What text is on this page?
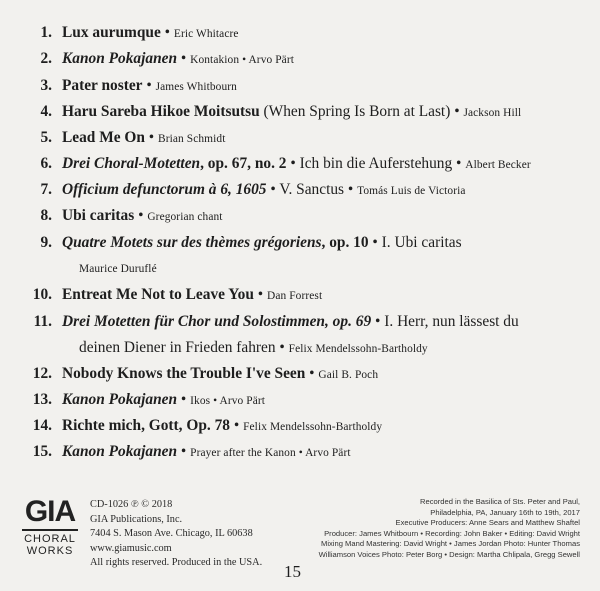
1. Lux aurumque • Eric Whitacre
2. Kanon Pokajanen • Kontakion • Arvo Pärt
3. Pater noster • James Whitbourn
4. Haru Sareba Hikoe Moitsutsu (When Spring Is Born at Last) • Jackson Hill
5. Lead Me On • Brian Schmidt
6. Drei Choral-Motetten, op. 67, no. 2 • Ich bin die Auferstehung • Albert Becker
7. Officium defunctorum à 6, 1605 • V. Sanctus • Tomás Luis de Victoria
8. Ubi caritas • Gregorian chant
9. Quatre Motets sur des thèmes grégoriens, op. 10 • I. Ubi caritas
Maurice Duruflé
10. Entreat Me Not to Leave You • Dan Forrest
11. Drei Motetten für Chor und Solostimmen, op. 69 • I. Herr, nun lässest du
deinen Diener in Frieden fahren • Felix Mendelssohn-Bartholdy
12. Nobody Knows the Trouble I've Seen • Gail B. Poch
13. Kanon Pokajanen • Ikos • Arvo Pärt
14. Richte mich, Gott, Op. 78 • Felix Mendelssohn-Bartholdy
15. Kanon Pokajanen • Prayer after the Kanon • Arvo Pärt
GIA
CHORAL
WORKS
CD-1026 ℗ © 2018
GIA Publications, Inc.
7404 S. Mason Ave. Chicago, IL 60638
www.giamusic.com
All rights reserved. Produced in the USA. 15
Recorded in the Basilica of Sts. Peter and Paul,
Philadelphia, PA, January 16th to 19th, 2017
Executive Producers: Anne Sears and Matthew Shaftel
Producer: James Whitbourn • Recording: John Baker • Editing: David Wright
Mixing Mand Mastering: David Wright • James Jordan Photo: Hunter Thomas
Williamson Voices Photo: Peter Borg • Design: Martha Chlipala, Gregg Sewell
